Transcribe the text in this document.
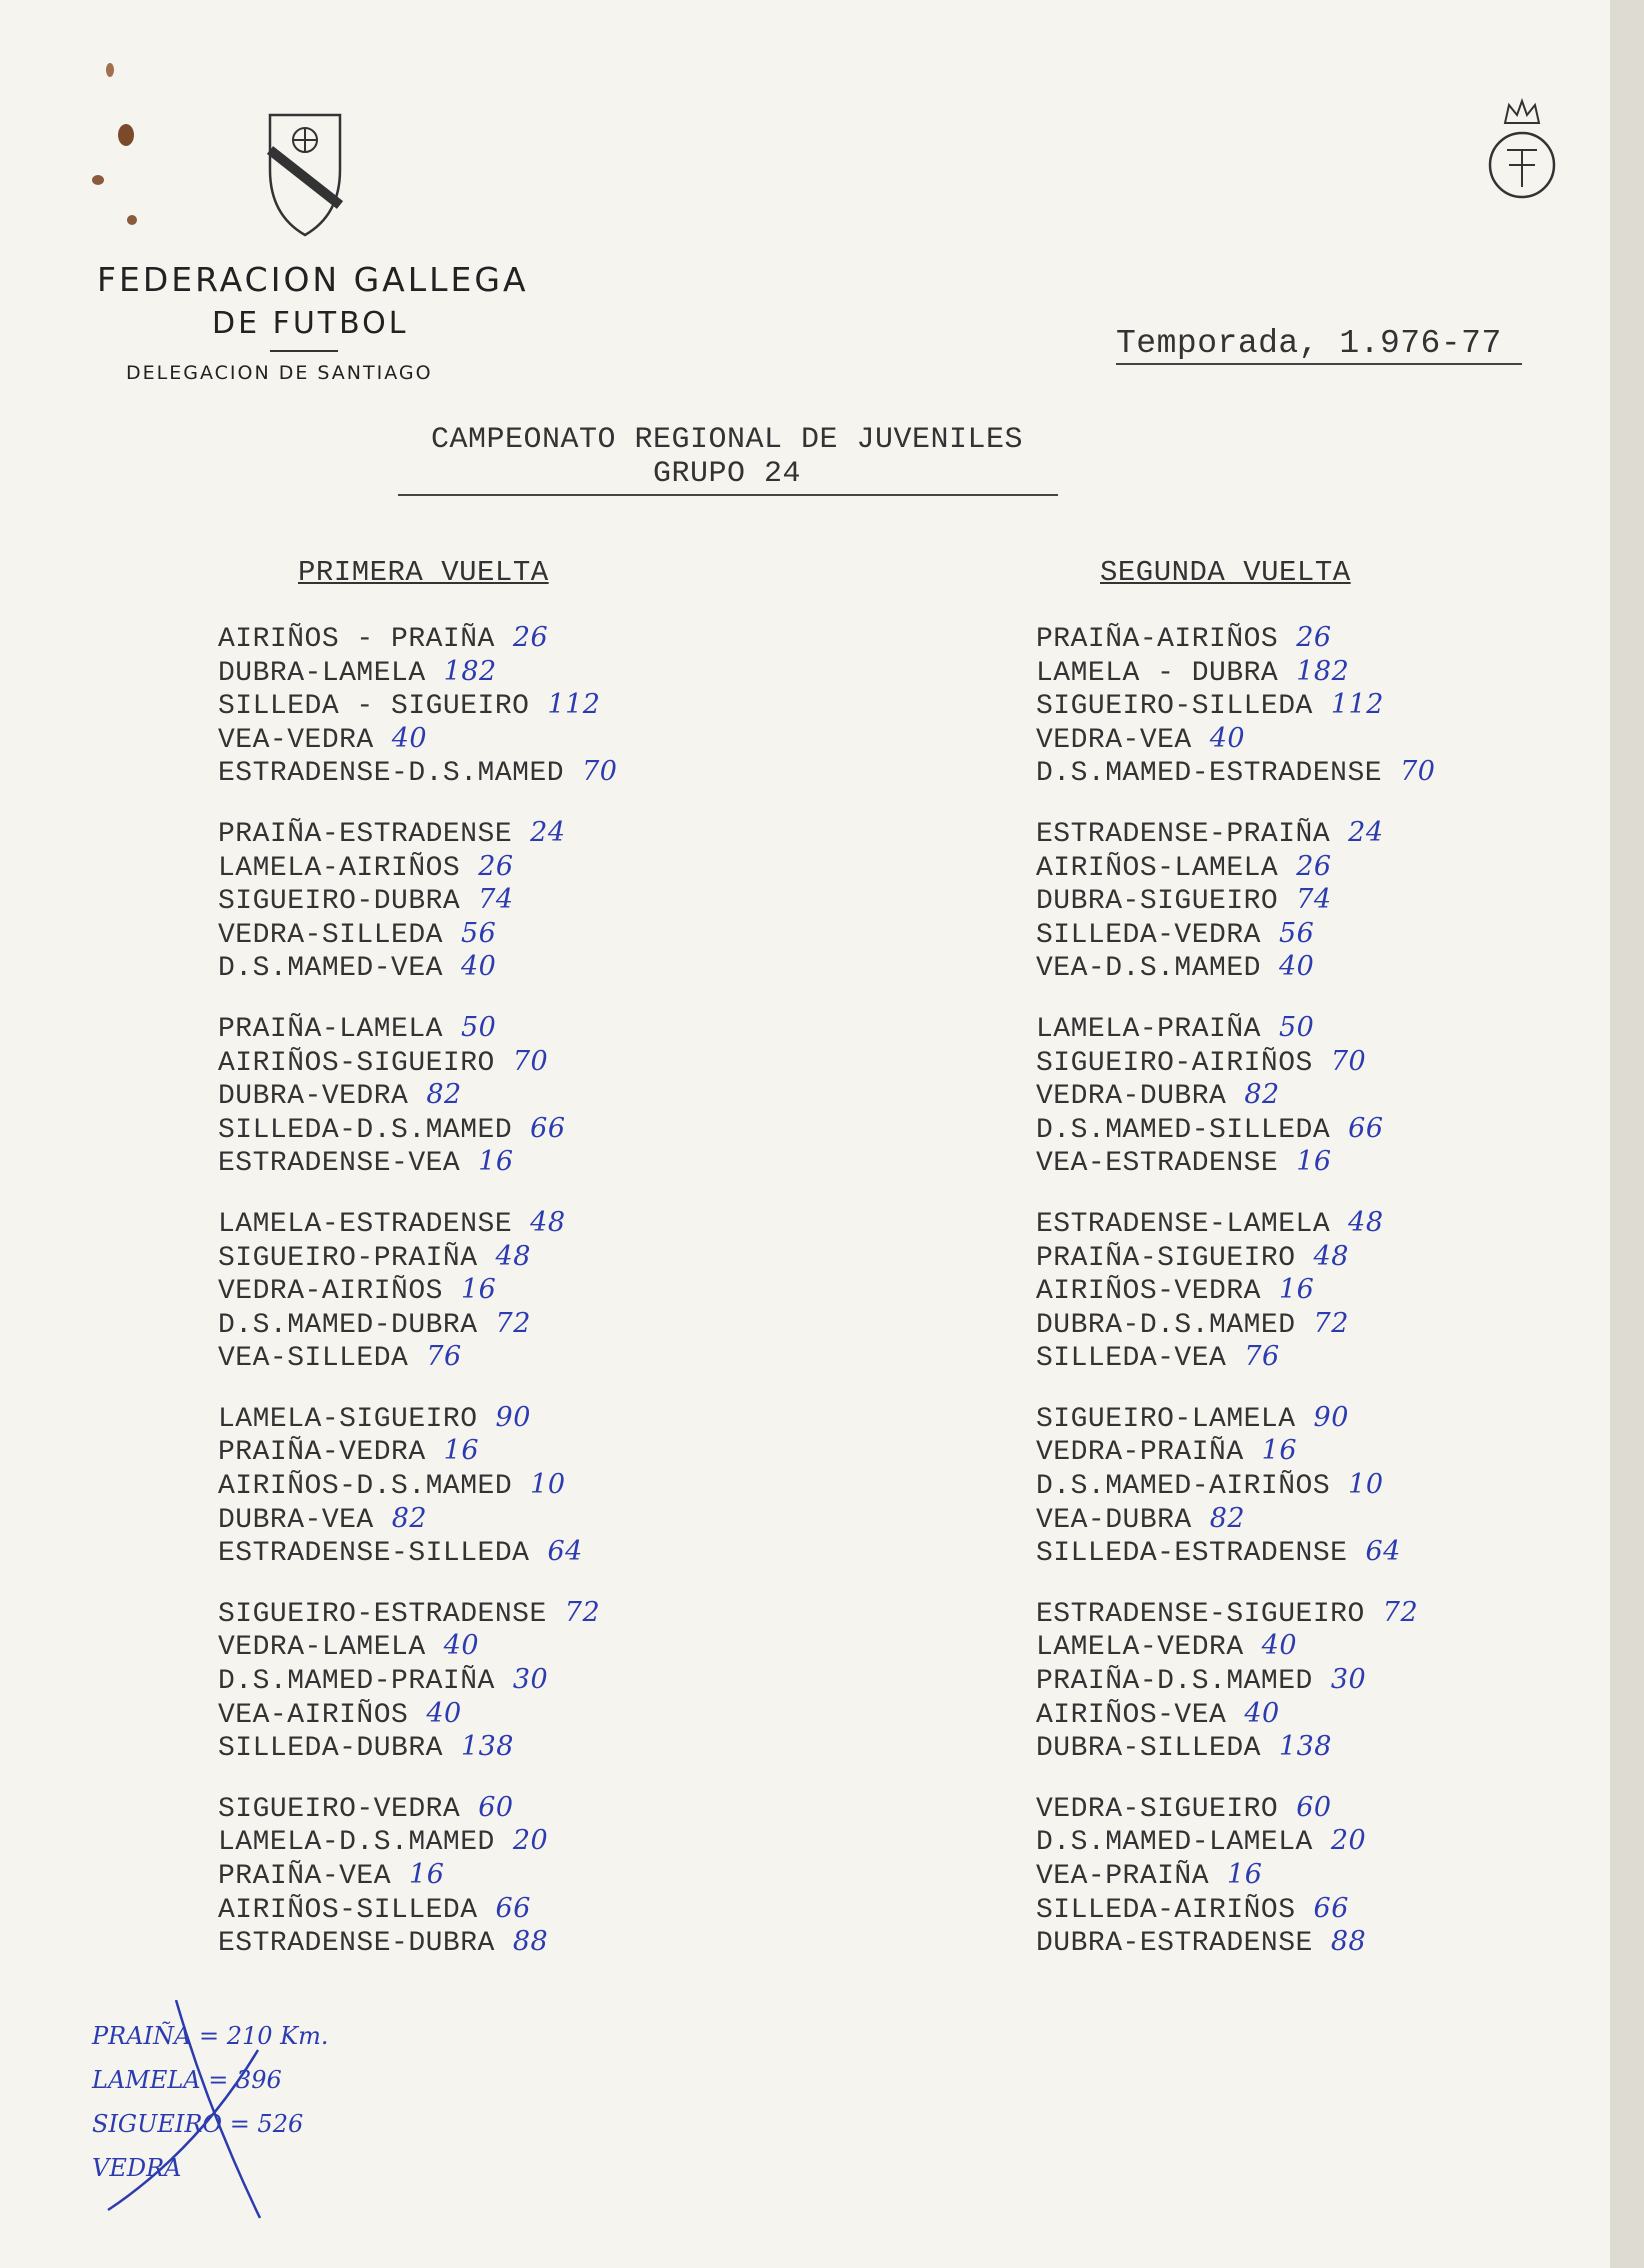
FEDERACION GALLEGA
DE FUTBOL
DELEGACION DE SANTIAGO
Temporada, 1.976-77
CAMPEONATO REGIONAL DE JUVENILES
GRUPO 24
PRIMERA VUELTA	SEGUNDA VUELTA
AIRIÑOS - PRAIÑA 26
DUBRA-LAMELA 182
SILLEDA - SIGUEIRO 112
VEA-VEDRA 40
ESTRADENSE-D.S.MAMED 70
PRAIÑA-ESTRADENSE 24
LAMELA-AIRIÑOS 26
SIGUEIRO-DUBRA 74
VEDRA-SILLEDA 56
D.S.MAMED-VEA 40
PRAIÑA-LAMELA 50
AIRIÑOS-SIGUEIRO 70
DUBRA-VEDRA 82
SILLEDA-D.S.MAMED 66
ESTRADENSE-VEA 16
LAMELA-ESTRADENSE 48
SIGUEIRO-PRAIÑA 48
VEDRA-AIRIÑOS 16
D.S.MAMED-DUBRA 72
VEA-SILLEDA 76
LAMELA-SIGUEIRO 90
PRAIÑA-VEDRA 16
AIRIÑOS-D.S.MAMED 10
DUBRA-VEA 82
ESTRADENSE-SILLEDA 64
SIGUEIRO-ESTRADENSE 72
VEDRA-LAMELA 40
D.S.MAMED-PRAIÑA 30
VEA-AIRIÑOS 40
SILLEDA-DUBRA 138
SIGUEIRO-VEDRA 60
LAMELA-D.S.MAMED 20
PRAIÑA-VEA 16
AIRIÑOS-SILLEDA 66
ESTRADENSE-DUBRA 88
PRAIÑA-AIRIÑOS 26
LAMELA - DUBRA 182
SIGUEIRO-SILLEDA 112
VEDRA-VEA 40
D.S.MAMED-ESTRADENSE 70
ESTRADENSE-PRAIÑA 24
AIRIÑOS-LAMELA 26
DUBRA-SIGUEIRO 74
SILLEDA-VEDRA 56
VEA-D.S.MAMED 40
LAMELA-PRAIÑA 50
SIGUEIRO-AIRIÑOS 70
VEDRA-DUBRA 82
D.S.MAMED-SILLEDA 66
VEA-ESTRADENSE 16
ESTRADENSE-LAMELA 48
PRAIÑA-SIGUEIRO 48
AIRIÑOS-VEDRA 16
DUBRA-D.S.MAMED 72
SILLEDA-VEA 76
SIGUEIRO-LAMELA 90
VEDRA-PRAIÑA 16
D.S.MAMED-AIRIÑOS 10
VEA-DUBRA 82
SILLEDA-ESTRADENSE 64
ESTRADENSE-SIGUEIRO 72
LAMELA-VEDRA 40
PRAIÑA-D.S.MAMED 30
AIRIÑOS-VEA 40
DUBRA-SILLEDA 138
VEDRA-SIGUEIRO 60
D.S.MAMED-LAMELA 20
VEA-PRAIÑA 16
SILLEDA-AIRIÑOS 66
DUBRA-ESTRADENSE 88
PRAIÑA = 210 Km.
LAMELA = 396
SIGUEIRO = 526
VEDRA
